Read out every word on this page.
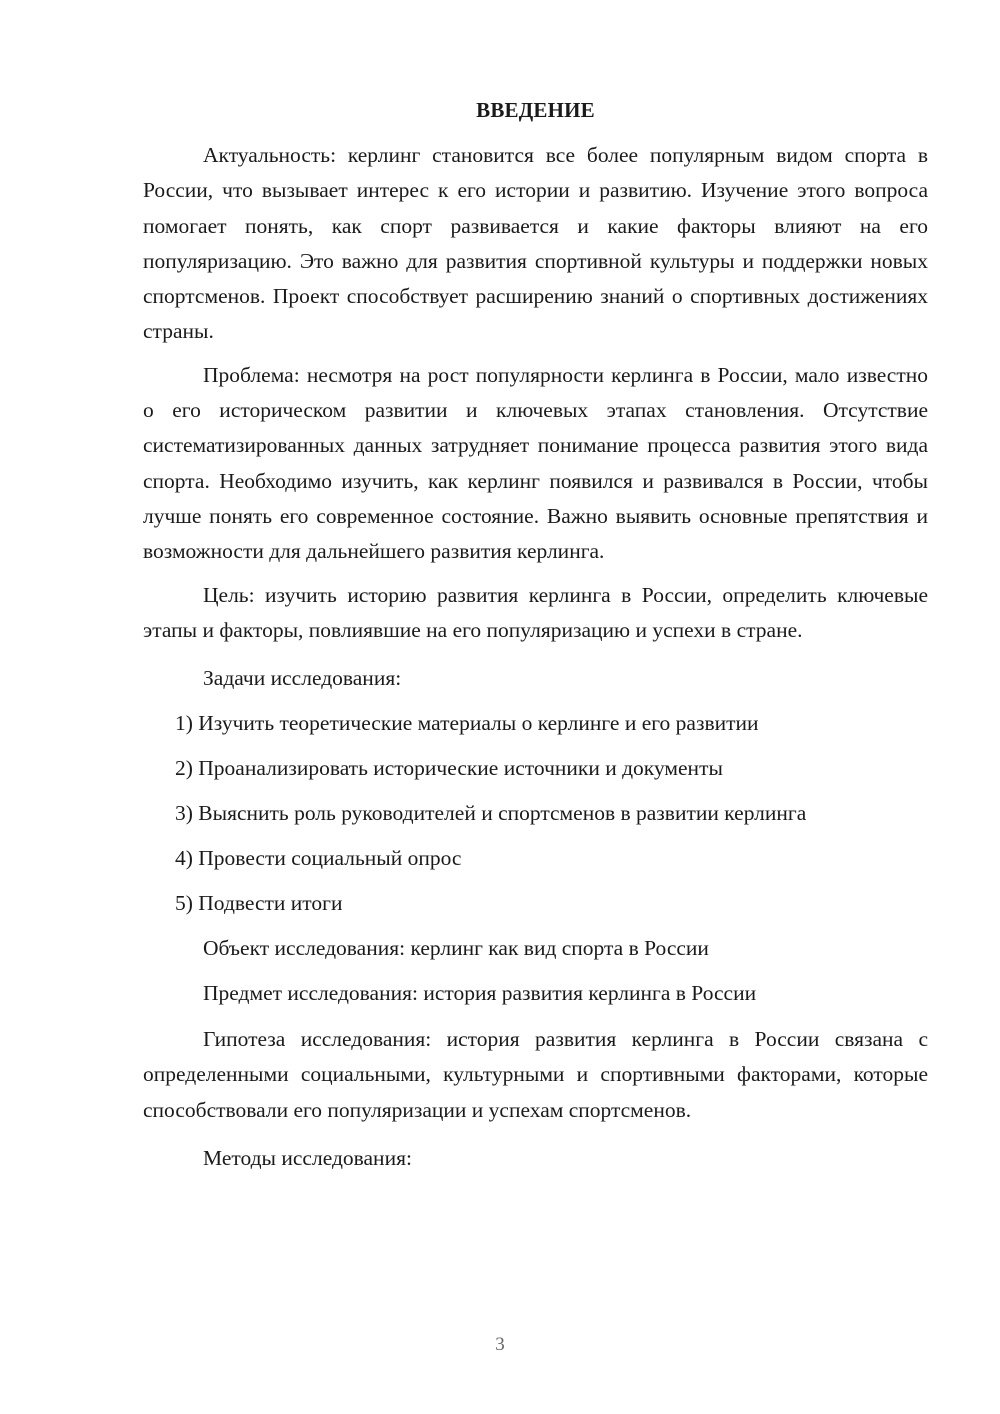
ВВЕДЕНИЕ

Актуальность: керлинг становится все более популярным видом спорта в России, что вызывает интерес к его истории и развитию. Изучение этого вопроса помогает понять, как спорт развивается и какие факторы влияют на его популяризацию. Это важно для развития спортивной культуры и поддержки новых спортсменов. Проект способствует расширению знаний о спортивных достижениях страны.

Проблема: несмотря на рост популярности керлинга в России, мало известно о его историческом развитии и ключевых этапах становления. Отсутствие систематизированных данных затрудняет понимание процесса развития этого вида спорта. Необходимо изучить, как керлинг появился и развивался в России, чтобы лучше понять его современное состояние. Важно выявить основные препятствия и возможности для дальнейшего развития керлинга.

Цель: изучить историю развития керлинга в России, определить ключевые этапы и факторы, повлиявшие на его популяризацию и успехи в стране.

Задачи исследования:

1) Изучить теоретические материалы о керлинге и его развитии
2) Проанализировать исторические источники и документы
3) Выяснить роль руководителей и спортсменов в развитии керлинга
4) Провести социальный опрос
5) Подвести итоги

Объект исследования: керлинг как вид спорта в России

Предмет исследования: история развития керлинга в России

Гипотеза исследования: история развития керлинга в России связана с определенными социальными, культурными и спортивными факторами, которые способствовали его популяризации и успехам спортсменов.

Методы исследования:

3
